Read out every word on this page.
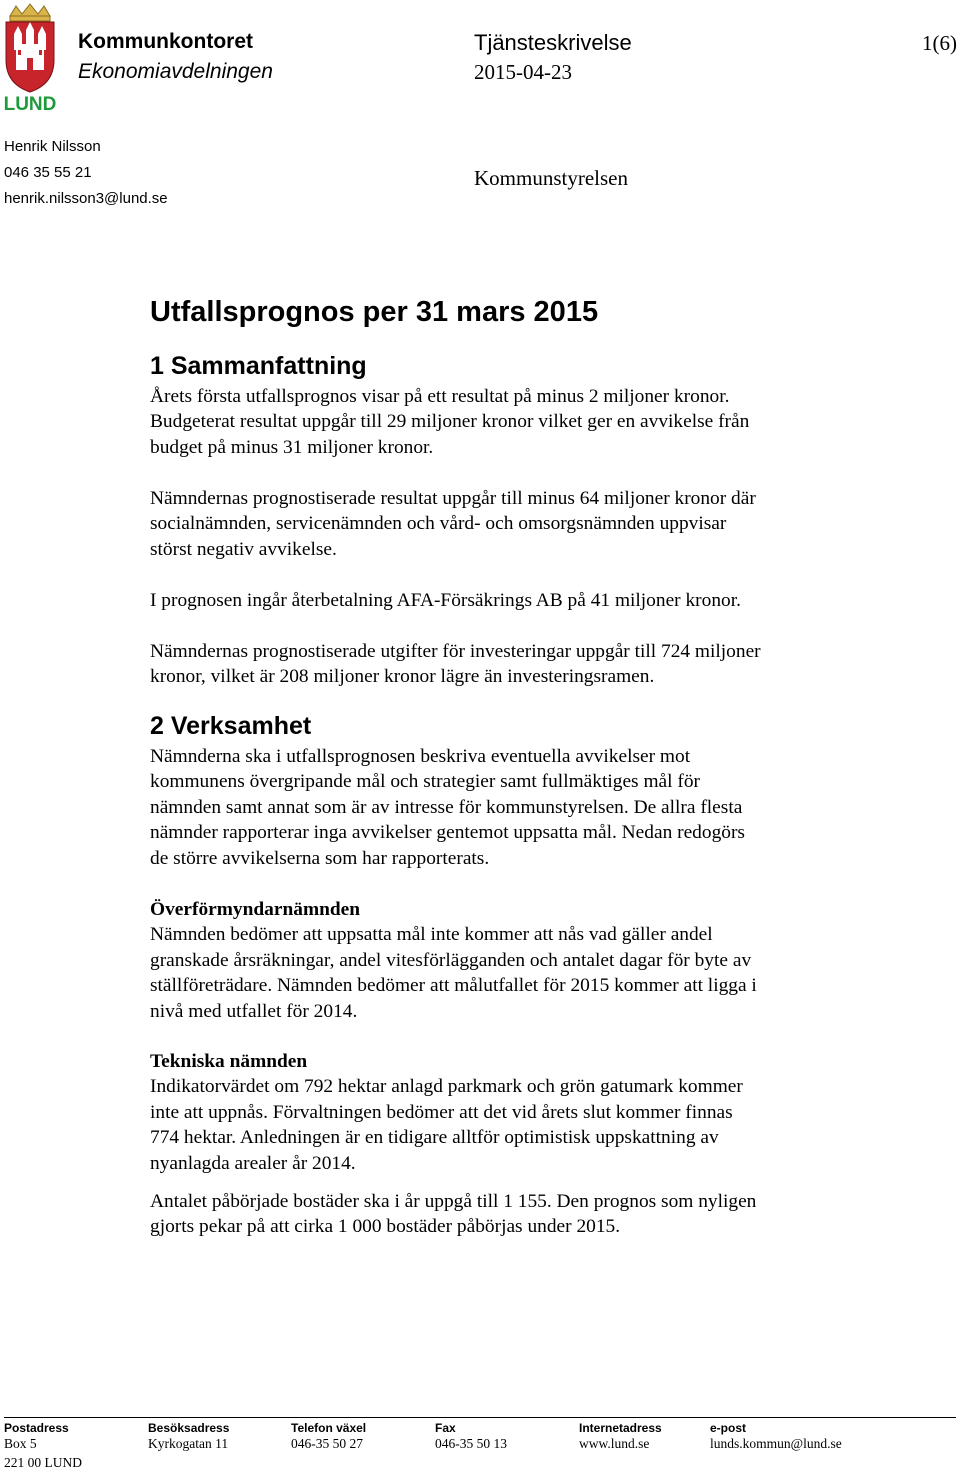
LUND
Kommunkontoret
Ekonomiavdelningen
Tjänsteskrivelse
2015-04-23
1(6)
Henrik Nilsson
046 35 55 21
henrik.nilsson3@lund.se
Kommunstyrelsen
Utfallsprognos per 31 mars 2015
1 Sammanfattning
Årets första utfallsprognos visar på ett resultat på minus 2 miljoner kronor.
Budgeterat resultat uppgår till 29 miljoner kronor vilket ger en avvikelse från
budget på minus 31 miljoner kronor.
Nämndernas prognostiserade resultat uppgår till minus 64 miljoner kronor där
socialnämnden, servicenämnden och vård- och omsorgsnämnden uppvisar
störst negativ avvikelse.
I prognosen ingår återbetalning AFA-Försäkrings AB på 41 miljoner kronor.
Nämndernas prognostiserade utgifter för investeringar uppgår till 724 miljoner
kronor, vilket är 208 miljoner kronor lägre än investeringsramen.
2 Verksamhet
Nämnderna ska i utfallsprognosen beskriva eventuella avvikelser mot
kommunens övergripande mål och strategier samt fullmäktiges mål för
nämnden samt annat som är av intresse för kommunstyrelsen. De allra flesta
nämnder rapporterar inga avvikelser gentemot uppsatta mål. Nedan redogörs
de större avvikelserna som har rapporterats.
Överförmyndarnämnden
Nämnden bedömer att uppsatta mål inte kommer att nås vad gäller andel
granskade årsräkningar, andel vitesförlägganden och antalet dagar för byte av
ställföreträdare. Nämnden bedömer att målutfallet för 2015 kommer att ligga i
nivå med utfallet för 2014.
Tekniska nämnden
Indikatorvärdet om 792 hektar anlagd parkmark och grön gatumark kommer
inte att uppnås. Förvaltningen bedömer att det vid årets slut kommer finnas
774 hektar. Anledningen är en tidigare alltför optimistisk uppskattning av
nyanlagda arealer år 2014.
Antalet påbörjade bostäder ska i år uppgå till 1 155. Den prognos som nyligen
gjorts pekar på att cirka 1 000 bostäder påbörjas under 2015.
Postadress
Box 5
221 00 LUND
Besöksadress
Kyrkogatan 11
Telefon växel
046-35 50 27
Fax
046-35 50 13
Internetadress
www.lund.se
e-post
lunds.kommun@lund.se
